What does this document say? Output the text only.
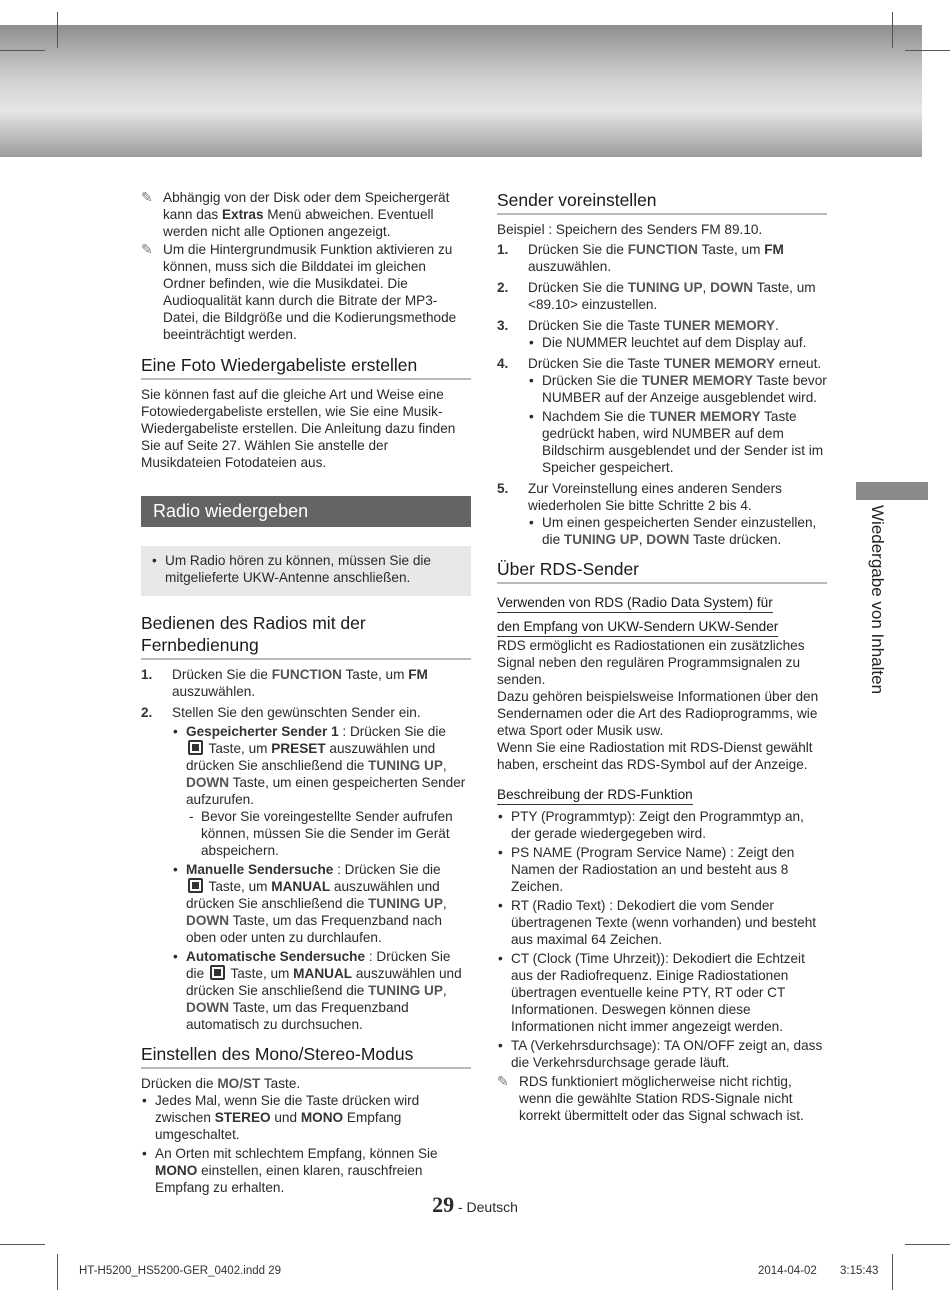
✎ Abhängig von der Disk oder dem Speichergerät kann das Extras Menü abweichen. Eventuell werden nicht alle Optionen angezeigt.

✎ Um die Hintergrundmusik Funktion aktivieren zu können, muss sich die Bilddatei im gleichen Ordner befinden, wie die Musikdatei. Die Audioqualität kann durch die Bitrate der MP3-Datei, die Bildgröße und die Kodierungsmethode beeinträchtigt werden.

Eine Foto Wiedergabeliste erstellen

Sie können fast auf die gleiche Art und Weise eine Fotowiedergabeliste erstellen, wie Sie eine Musik-Wiedergabeliste erstellen. Die Anleitung dazu finden Sie auf Seite 27. Wählen Sie anstelle der Musikdateien Fotodateien aus.

Radio wiedergeben
• Um Radio hören zu können, müssen Sie die mitgelieferte UKW-Antenne anschließen.
Bedienen des Radios mit der
Fernbedienung
1. Drücken Sie die FUNCTION Taste, um FM auszuwählen.
2. Stellen Sie den gewünschten Sender ein.
• Gespeicherter Sender 1 : Drücken Sie die
Taste, um PRESET auszuwählen und drücken Sie anschließend die TUNING UP, DOWN Taste, um einen gespeicherten Sender aufzurufen.

- Bevor Sie voreingestellte Sender aufrufen können, müssen Sie die Sender im Gerät abspeichern.

• Manuelle Sendersuche : Drücken Sie die
Taste, um MANUAL auszuwählen und drücken Sie anschließend die TUNING UP, DOWN Taste, um das Frequenzband nach oben oder unten zu durchlaufen.
• Automatische Sendersuche : Drücken Sie die  Taste, um MANUAL auszuwählen und drücken Sie anschließend die TUNING UP, DOWN Taste, um das Frequenzband automatisch zu durchsuchen.
Einstellen des Mono/Stereo-Modus

Drücken die MO/ST Taste.

• Jedes Mal, wenn Sie die Taste drücken wird zwischen STEREO und MONO Empfang umgeschaltet.
• An Orten mit schlechtem Empfang, können Sie MONO einstellen, einen klaren, rauschfreien Empfang zu erhalten.
Sender voreinstellen

Beispiel : Speichern des Senders FM 89.10.

1. Drücken Sie die FUNCTION Taste, um FM auszuwählen.
2. Drücken Sie die TUNING UP, DOWN Taste, um <89.10> einzustellen.
3. Drücken Sie die Taste TUNER MEMORY.
• Die NUMMER leuchtet auf dem Display auf.
4. Drücken Sie die Taste TUNER MEMORY erneut.
• Drücken Sie die TUNER MEMORY Taste bevor NUMBER auf der Anzeige ausgeblendet wird.
• Nachdem Sie die TUNER MEMORY Taste gedrückt haben, wird NUMBER auf dem Bildschirm ausgeblendet und der Sender ist im Speicher gespeichert.
5. Zur Voreinstellung eines anderen Senders wiederholen Sie bitte Schritte 2 bis 4.
• Um einen gespeicherten Sender einzustellen, die TUNING UP, DOWN Taste drücken.
Über RDS-Sender
Verwenden von RDS (Radio Data System) für
den Empfang von UKW-Sendern UKW-Sender

RDS ermöglicht es Radiostationen ein zusätzliches Signal neben den regulären Programmsignalen zu senden.

Dazu gehören beispielsweise Informationen über den Sendernamen oder die Art des Radioprogramms, wie etwa Sport oder Musik usw.

Wenn Sie eine Radiostation mit RDS-Dienst gewählt haben, erscheint das RDS-Symbol auf der Anzeige.

Beschreibung der RDS-Funktion
• PTY (Programmtyp): Zeigt den Programmtyp an, der gerade wiedergegeben wird.
• PS NAME (Program Service Name) : Zeigt den Namen der Radiostation an und besteht aus 8 Zeichen.
• RT (Radio Text) : Dekodiert die vom Sender übertragenen Texte (wenn vorhanden) und besteht aus maximal 64 Zeichen.
• CT (Clock (Time Uhrzeit)): Dekodiert die Echtzeit aus der Radiofrequenz. Einige Radiostationen übertragen eventuelle keine PTY, RT oder CT Informationen. Deswegen können diese Informationen nicht immer angezeigt werden.
• TA (Verkehrsdurchsage): TA ON/OFF zeigt an, dass die Verkehrsdurchsage gerade läuft.

✎ RDS funktioniert möglicherweise nicht richtig, wenn die gewählte Station RDS-Signale nicht korrekt übermittelt oder das Signal schwach ist.

Wiedergabe von Inhalten
29 - Deutsch
HT-H5200_HS5200-GER_0402.indd 29	2014-04-02 3:15:43
